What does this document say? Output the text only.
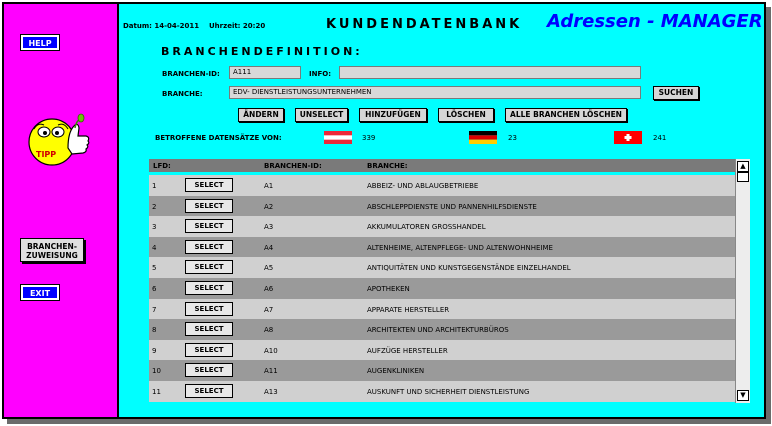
HELP
TIPP
BRANCHEN-
ZUWEISUNG
EXIT
Datum: 14-04-2011 Uhrzeit: 20:20	KUNDENDATENBANK Adressen - MANAGER
BRANCHENDEFINITION:
BRANCHEN-ID:	A111	INFO:
BRANCHE:	EDV- DIENSTLEISTUNGSUNTERNEHMEN	SUCHEN
ÄNDERN	UNSELECT	HINZUFÜGEN	LÖSCHEN	ALLE BRANCHEN LÖSCHEN
BETROFFENE DATENSÄTZE VON:	339	23	241
LFD:	BRANCHEN-ID:	BRANCHE:
1	SELECT	A1	ABBEIZ- UND ABLAUGBETRIEBE
2	SELECT	A2	ABSCHLEPPDIENSTE UND PANNENHILFSDIENSTE
3	SELECT	A3	AKKUMULATOREN GROSSHANDEL
4	SELECT	A4	ALTENHEIME, ALTENPFLEGE- UND ALTENWOHNHEIME
5	SELECT	A5	ANTIQUITÄTEN UND KUNSTGEGENSTÄNDE EINZELHANDEL
6	SELECT	A6	APOTHEKEN
7	SELECT	A7	APPARATE HERSTELLER
8	SELECT	A8	ARCHITEKTEN UND ARCHITEKTURBÜROS
9	SELECT	A10	AUFZÜGE HERSTELLER
10	SELECT	A11	AUGENKLINIKEN
11	SELECT	A13	AUSKUNFT UND SICHERHEIT DIENSTLEISTUNG
▲
▼
